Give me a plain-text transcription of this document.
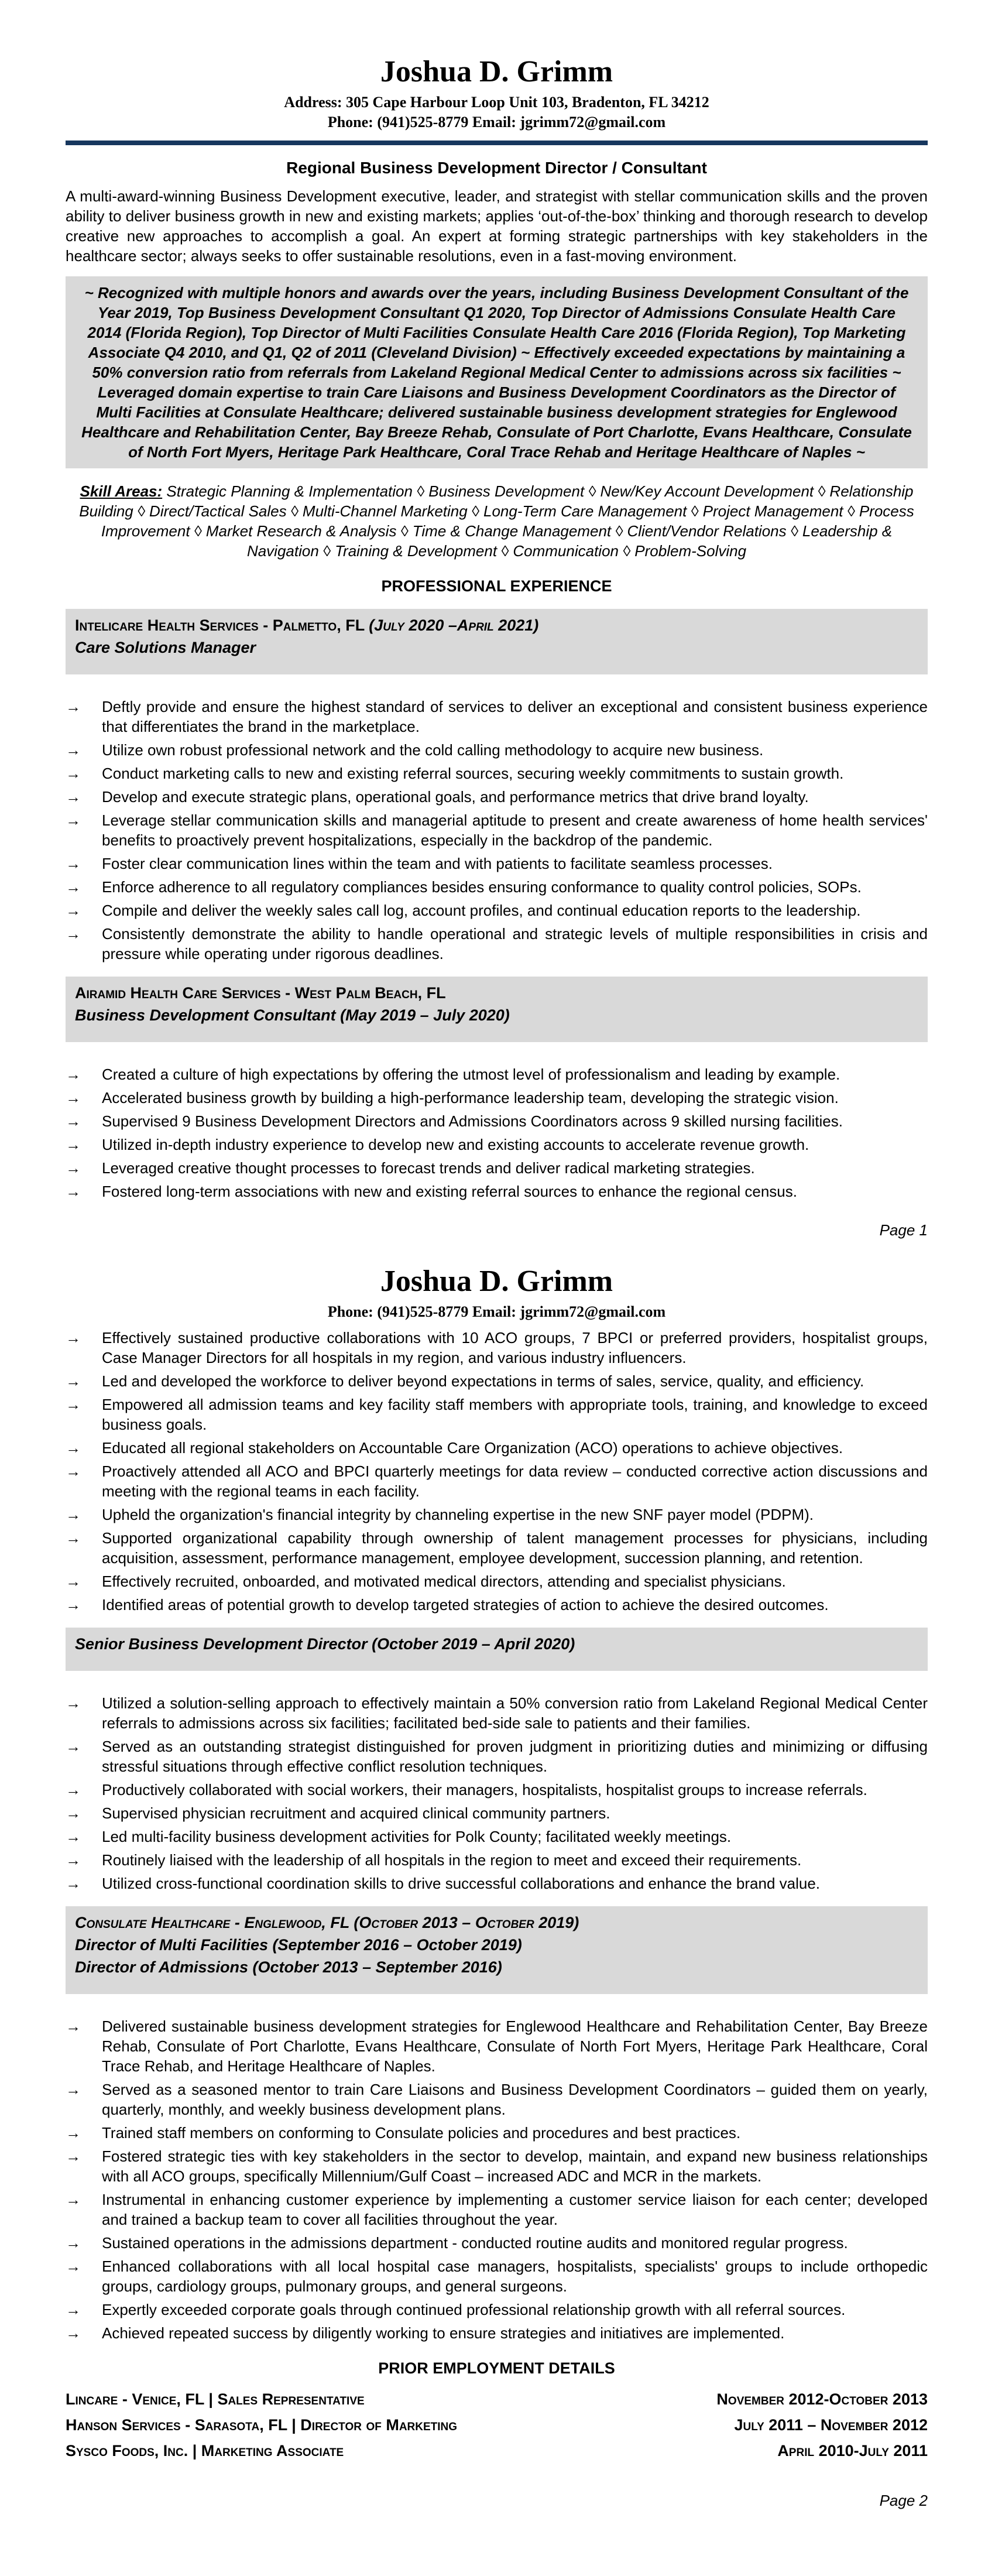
Joshua D. Grimm
Address: 305 Cape Harbour Loop Unit 103, Bradenton, FL 34212
Phone: (941)525-8779 Email: jgrimm72@gmail.com
Regional Business Development Director / Consultant
A multi-award-winning Business Development executive, leader, and strategist with stellar communication skills and the proven ability to deliver business growth in new and existing markets; applies ‘out-of-the-box’ thinking and thorough research to develop creative new approaches to accomplish a goal. An expert at forming strategic partnerships with key stakeholders in the healthcare sector; always seeks to offer sustainable resolutions, even in a fast-moving environment.
~ Recognized with multiple honors and awards over the years, including Business Development Consultant of the Year 2019, Top Business Development Consultant Q1 2020, Top Director of Admissions Consulate Health Care 2014 (Florida Region), Top Director of Multi Facilities Consulate Health Care 2016 (Florida Region), Top Marketing Associate Q4 2010, and Q1, Q2 of 2011 (Cleveland Division) ~ Effectively exceeded expectations by maintaining a 50% conversion ratio from referrals from Lakeland Regional Medical Center to admissions across six facilities ~ Leveraged domain expertise to train Care Liaisons and Business Development Coordinators as the Director of Multi Facilities at Consulate Healthcare; delivered sustainable business development strategies for Englewood Healthcare and Rehabilitation Center, Bay Breeze Rehab, Consulate of Port Charlotte, Evans Healthcare, Consulate of North Fort Myers, Heritage Park Healthcare, Coral Trace Rehab and Heritage Healthcare of Naples ~
Skill Areas: Strategic Planning & Implementation ◊ Business Development ◊ New/Key Account Development ◊ Relationship Building ◊ Direct/Tactical Sales ◊ Multi-Channel Marketing ◊ Long-Term Care Management ◊ Project Management ◊ Process Improvement ◊ Market Research & Analysis ◊ Time & Change Management ◊ Client/Vendor Relations ◊ Leadership & Navigation ◊ Training & Development ◊ Communication ◊ Problem-Solving
PROFESSIONAL EXPERIENCE
Intelicare Health Services - Palmetto, FL (July 2020 –April 2021)
Care Solutions Manager
→	Deftly provide and ensure the highest standard of services to deliver an exceptional and consistent business experience that differentiates the brand in the marketplace.
→	Utilize own robust professional network and the cold calling methodology to acquire new business.
→	Conduct marketing calls to new and existing referral sources, securing weekly commitments to sustain growth.
→	Develop and execute strategic plans, operational goals, and performance metrics that drive brand loyalty.
→	Leverage stellar communication skills and managerial aptitude to present and create awareness of home health services' benefits to proactively prevent hospitalizations, especially in the backdrop of the pandemic.
→	Foster clear communication lines within the team and with patients to facilitate seamless processes.
→	Enforce adherence to all regulatory compliances besides ensuring conformance to quality control policies, SOPs.
→	Compile and deliver the weekly sales call log, account profiles, and continual education reports to the leadership.
→	Consistently demonstrate the ability to handle operational and strategic levels of multiple responsibilities in crisis and pressure while operating under rigorous deadlines.
Airamid Health Care Services - West Palm Beach, FL
Business Development Consultant (May 2019 – July 2020)
→	Created a culture of high expectations by offering the utmost level of professionalism and leading by example.
→	Accelerated business growth by building a high-performance leadership team, developing the strategic vision.
→	Supervised 9 Business Development Directors and Admissions Coordinators across 9 skilled nursing facilities.
→	Utilized in-depth industry experience to develop new and existing accounts to accelerate revenue growth.
→	Leveraged creative thought processes to forecast trends and deliver radical marketing strategies.
→	Fostered long-term associations with new and existing referral sources to enhance the regional census.
Page 1
Joshua D. Grimm
Phone: (941)525-8779 Email: jgrimm72@gmail.com
→	Effectively sustained productive collaborations with 10 ACO groups, 7 BPCI or preferred providers, hospitalist groups, Case Manager Directors for all hospitals in my region, and various industry influencers.
→	Led and developed the workforce to deliver beyond expectations in terms of sales, service, quality, and efficiency.
→	Empowered all admission teams and key facility staff members with appropriate tools, training, and knowledge to exceed business goals.
→	Educated all regional stakeholders on Accountable Care Organization (ACO) operations to achieve objectives.
→	Proactively attended all ACO and BPCI quarterly meetings for data review – conducted corrective action discussions and meeting with the regional teams in each facility.
→	Upheld the organization's financial integrity by channeling expertise in the new SNF payer model (PDPM).
→	Supported organizational capability through ownership of talent management processes for physicians, including acquisition, assessment, performance management, employee development, succession planning, and retention.
→	Effectively recruited, onboarded, and motivated medical directors, attending and specialist physicians.
→	Identified areas of potential growth to develop targeted strategies of action to achieve the desired outcomes.
Senior Business Development Director (October 2019 – April 2020)
→	Utilized a solution-selling approach to effectively maintain a 50% conversion ratio from Lakeland Regional Medical Center referrals to admissions across six facilities; facilitated bed-side sale to patients and their families.
→	Served as an outstanding strategist distinguished for proven judgment in prioritizing duties and minimizing or diffusing stressful situations through effective conflict resolution techniques.
→	Productively collaborated with social workers, their managers, hospitalists, hospitalist groups to increase referrals.
→	Supervised physician recruitment and acquired clinical community partners.
→	Led multi-facility business development activities for Polk County; facilitated weekly meetings.
→	Routinely liaised with the leadership of all hospitals in the region to meet and exceed their requirements.
→	Utilized cross-functional coordination skills to drive successful collaborations and enhance the brand value.
Consulate Healthcare - Englewood, FL (October 2013 – October 2019)
Director of Multi Facilities (September 2016 – October 2019)
Director of Admissions (October 2013 – September 2016)
→	Delivered sustainable business development strategies for Englewood Healthcare and Rehabilitation Center, Bay Breeze Rehab, Consulate of Port Charlotte, Evans Healthcare, Consulate of North Fort Myers, Heritage Park Healthcare, Coral Trace Rehab, and Heritage Healthcare of Naples.
→	Served as a seasoned mentor to train Care Liaisons and Business Development Coordinators – guided them on yearly, quarterly, monthly, and weekly business development plans.
→	Trained staff members on conforming to Consulate policies and procedures and best practices.
→	Fostered strategic ties with key stakeholders in the sector to develop, maintain, and expand new business relationships with all ACO groups, specifically Millennium/Gulf Coast – increased ADC and MCR in the markets.
→	Instrumental in enhancing customer experience by implementing a customer service liaison for each center; developed and trained a backup team to cover all facilities throughout the year.
→	Sustained operations in the admissions department - conducted routine audits and monitored regular progress.
→	Enhanced collaborations with all local hospital case managers, hospitalists, specialists' groups to include orthopedic groups, cardiology groups, pulmonary groups, and general surgeons.
→	Expertly exceeded corporate goals through continued professional relationship growth with all referral sources.
→	Achieved repeated success by diligently working to ensure strategies and initiatives are implemented.
PRIOR EMPLOYMENT DETAILS
Lincare - Venice, FL | Sales Representative	November 2012-October 2013
Hanson Services - Sarasota, FL | Director of Marketing	July 2011 – November 2012
Sysco Foods, Inc. | Marketing Associate	April 2010-July 2011
Page 2
